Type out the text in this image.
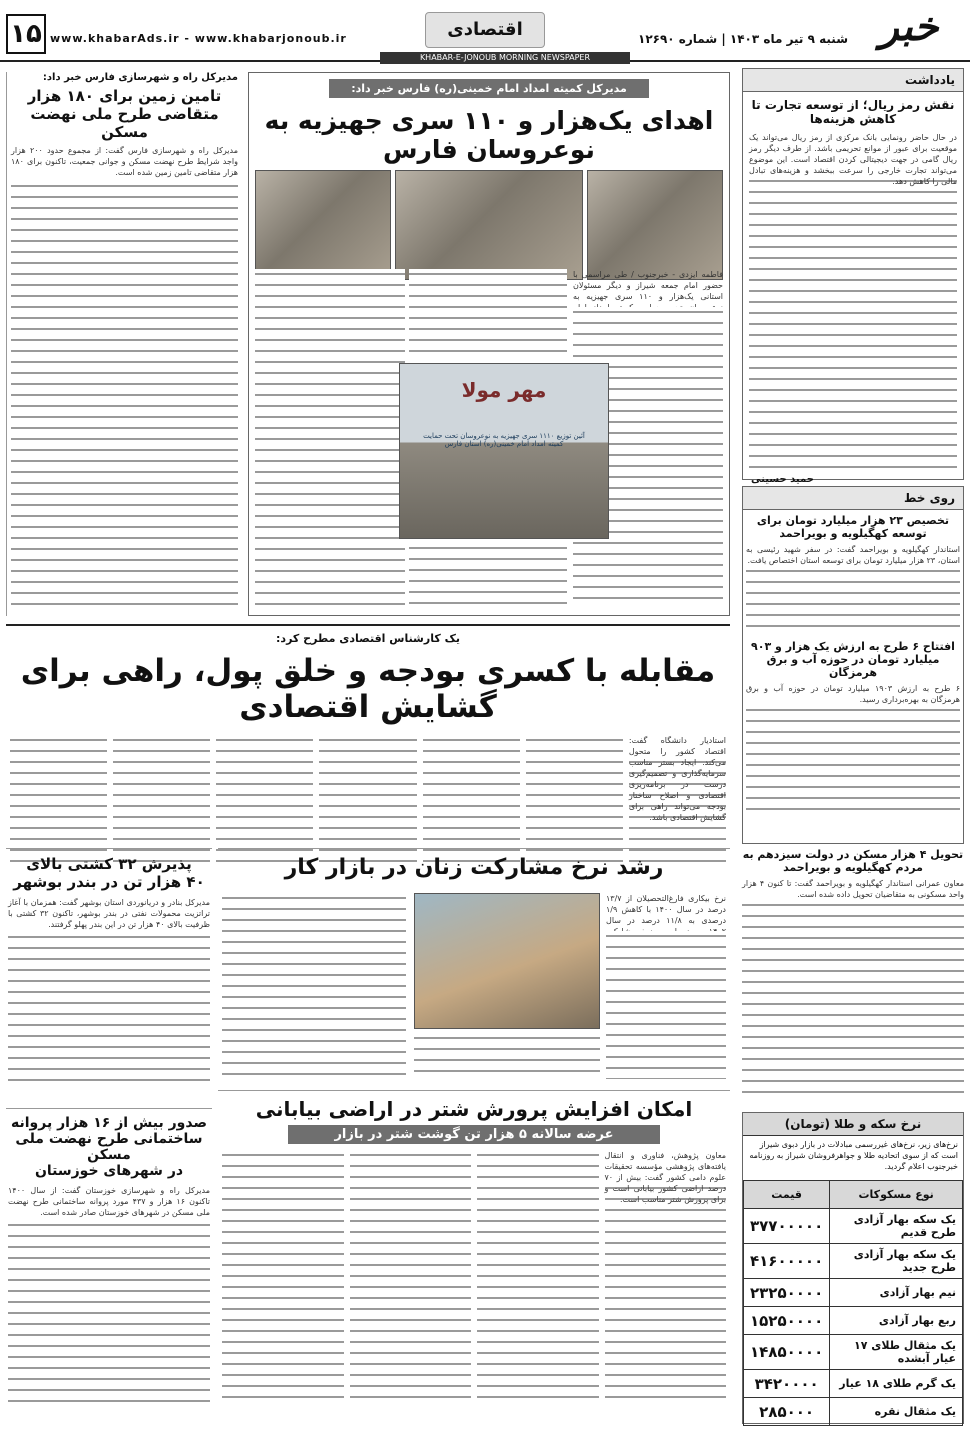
۱۵ www.khabarAds.ir - www.khabarjonoub.ir	اقتصادی	خبر
شنبه ۹ تیر ماه ۱۴۰۳ | شماره ۱۲۶۹۰
KHABAR-E-JONOUB MORNING NEWSPAPER
یادداشت
نقش رمز ریال؛ از توسعه تجارت تا کاهش هزینه‌ها
در حال حاضر رونمایی بانک مرکزی از رمز ریال می‌تواند یک موقعیت برای عبور از موانع تحریمی باشد. از طرف دیگر رمز ریال گامی در جهت دیجیتالی کردن اقتصاد است. این موضوع می‌تواند تجارت خارجی را سرعت ببخشد و هزینه‌های تبادل مالی را کاهش دهد.
حمید حسینی
روی خط
تخصیص ۲۳ هزار میلیارد تومان برای توسعه کهگیلویه و بویراحمد
استاندار کهگیلویه و بویراحمد گفت: در سفر شهید رئیسی به استان، ۲۳ هزار میلیارد تومان برای توسعه استان اختصاص یافت.
افتتاح ۶ طرح به ارزش یک هزار و ۹۰۳ میلیارد تومان در حوزه آب و برق هرمزگان
۶ طرح به ارزش ۱۹۰۳ میلیارد تومان در حوزه آب و برق هرمزگان به بهره‌برداری رسید.
تحویل ۴ هزار مسکن در دولت سیزدهم به مردم کهگیلویه و بویراحمد
معاون عمرانی استاندار کهگیلویه و بویراحمد گفت: تا کنون ۴ هزار واحد مسکونی به متقاضیان تحویل داده شده است.
نرخ سکه و طلا (تومان)
نرخ‌های زیر، نرخ‌های غیررسمی مبادلات در بازار دبوی شیراز است که از سوی اتحادیه طلا و جواهرفروشان شیراز به روزنامه خبرجنوب اعلام گردید.
نوع مسکوکات	قیمت
یک سکه بهار آزادی طرح قدیم	۳۷۷۰۰۰۰۰
یک سکه بهار آزادی طرح جدید	۴۱۶۰۰۰۰۰
نیم بهار آزادی	۲۳۲۵۰۰۰۰
ربع بهار آزادی	۱۵۲۵۰۰۰۰
یک مثقال طلای ۱۷ عیار آبشده	۱۴۸۵۰۰۰۰
یک گرم طلای ۱۸ عیار	۳۴۲۰۰۰۰
یک مثقال نقره	۲۸۵۰۰۰
مدیرکل کمیته امداد امام خمینی(ره) فارس خبر داد:
اهدای یک‌هزار و ۱۱۰ سری جهیزیه به نوعروسان فارس
فاطمه ایزدی - خبرجنوب / طی مراسمی با حضور امام جمعه شیراز و دیگر مسئولان استانی یک‌هزار و ۱۱۰ سری جهیزیه به
مهر مولا
آئین توزیع ۱۱۱۰ سری جهیزیه به نوعروسان تحت حمایت
کمیته امداد امام خمینی(ره) استان فارس
مدیرکل راه و شهرسازی فارس خبر داد:
تامین زمین برای ۱۸۰ هزار متقاضی طرح ملی نهضت مسکن
مدیرکل راه و شهرسازی فارس گفت: از مجموع حدود ۲۰۰ هزار واجد شرایط طرح نهضت مسکن و جوانی جمعیت، تاکنون برای ۱۸۰ هزار متقاضی تامین زمین شده است.
یک کارشناس اقتصادی مطرح کرد:
مقابله با کسری بودجه و خلق پول، راهی برای گشایش اقتصادی
استادیار دانشگاه گفت: اقتصاد کشور را متحول می‌کند. ایجاد بستر مناسب سرمایه‌گذاری و تصمیم‌گیری درست در برنامه‌ریزی اقتصادی و اصلاح ساختار بودجه می‌تواند راهی برای گشایش اقتصادی باشد.
رشد نرخ مشارکت زنان در بازار کار
نرخ بیکاری فارغ‌التحصیلان از ۱۳/۷ درصد در سال ۱۴۰۰ با کاهش ۱/۹ درصدی به ۱۱/۸ درصد در سال
امکان افزایش پرورش شتر در اراضی بیابانی
عرضه سالانه ۵ هزار تن گوشت شتر در بازار
معاون پژوهش، فناوری و انتقال یافته‌های پژوهشی مؤسسه تحقیقات علوم دامی کشور گفت: بیش از ۷۰ درصد اراضی کشور بیابانی است و برای پرورش شتر مناسب است.
پذیرش ۳۲ کشتی بالای
۴۰ هزار تن در بندر بوشهر
مدیرکل بنادر و دریانوردی استان بوشهر گفت: همزمان با آغاز تراتزیت محمولات نفتی در بندر بوشهر، تاکنون ۳۲ کشتی با ظرفیت بالای ۴۰ هزار تن در این بندر پهلو گرفتند.
صدور بیش از ۱۶ هزار پروانه
ساختمانی طرح نهضت ملی مسکن
در شهرهای خوزستان
مدیرکل راه و شهرسازی خوزستان گفت: از سال ۱۴۰۰ تاکنون ۱۶ هزار و ۴۳۷ مورد پروانه ساختمانی طرح نهضت ملی مسکن در شهرهای خوزستان صادر شده است.
